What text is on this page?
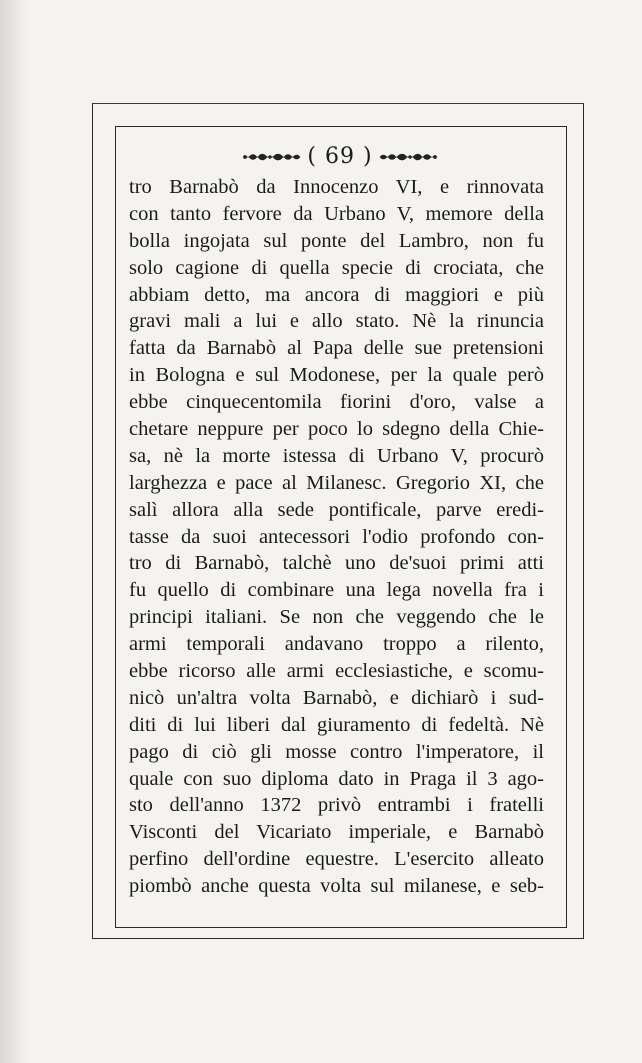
( 69 )
tro Barnabò da Innocenzo VI, e rinnovata
con tanto fervore da Urbano V, memore della
bolla ingojata sul ponte del Lambro, non fu
solo cagione di quella specie di crociata, che
abbiam detto, ma ancora di maggiori e più
gravi mali a lui e allo stato. Nè la rinuncia
fatta da Barnabò al Papa delle sue pretensioni
in Bologna e sul Modonese, per la quale però
ebbe cinquecentomila fiorini d'oro, valse a
chetare neppure per poco lo sdegno della Chie-
sa, nè la morte istessa di Urbano V, procurò
larghezza e pace al Milanesc. Gregorio XI, che
salì allora alla sede pontificale, parve eredi-
tasse da suoi antecessori l'odio profondo con-
tro di Barnabò, talchè uno de'suoi primi atti
fu quello di combinare una lega novella fra i
principi italiani. Se non che veggendo che le
armi temporali andavano troppo a rilento,
ebbe ricorso alle armi ecclesiastiche, e scomu-
nicò un'altra volta Barnabò, e dichiarò i sud-
diti di lui liberi dal giuramento di fedeltà. Nè
pago di ciò gli mosse contro l'imperatore, il
quale con suo diploma dato in Praga il 3 ago-
sto dell'anno 1372 privò entrambi i fratelli
Visconti del Vicariato imperiale, e Barnabò
perfino dell'ordine equestre. L'esercito alleato
piombò anche questa volta sul milanese, e seb-
